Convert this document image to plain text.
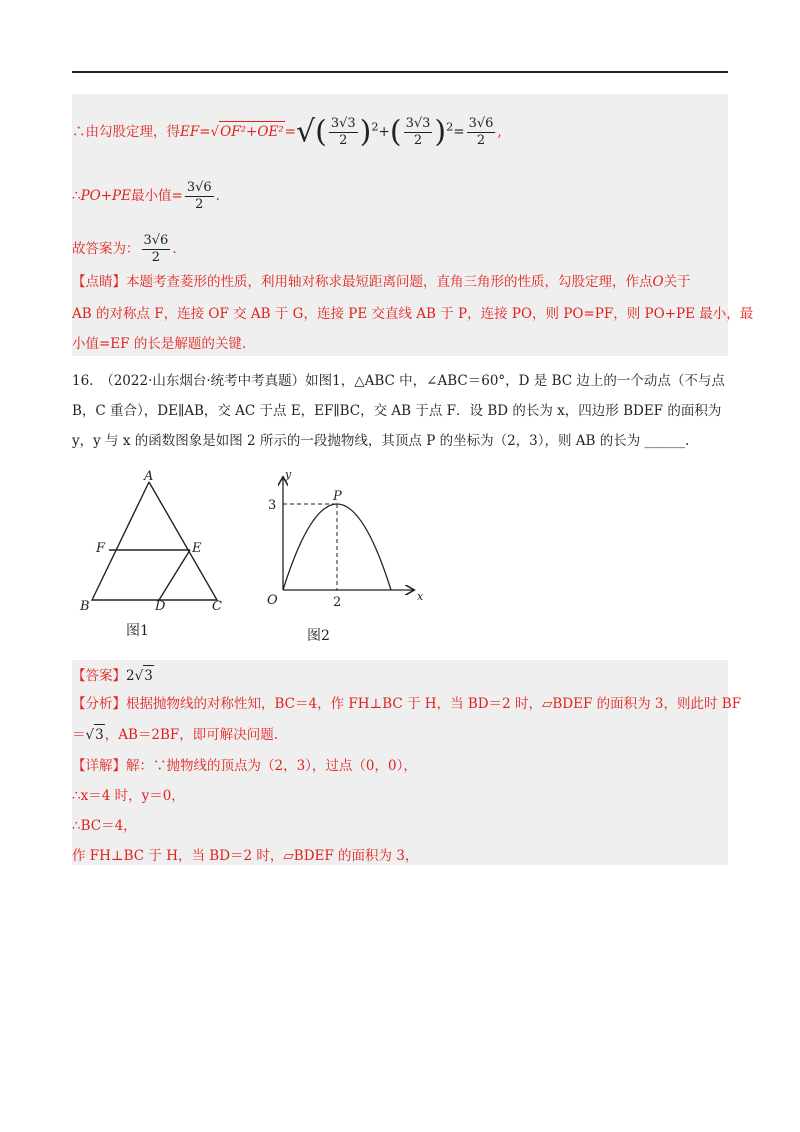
∴由勾股定理，得$EF=√OF^2+OE^2=√( \frac{3√3}{2} )^2+( \frac{3√3}{2} )^2= \frac{3√6}{2}$ ,
∴PO+PE最小值= $\frac{3√6}{2}$ .
故答案为： $\frac{3√6}{2}$ .
【点睛】本题考查菱形的性质，利用轴对称求最短距离问题，直角三角形的性质，勾股定理，作点O关于
AB 的对称点 F，连接 OF 交 AB 于 G，连接 PE 交直线 AB 于 P，连接 PO，则 PO=PF，则 PO+PE 最小，最
小值=EF 的长是解题的关键.
16.　（2022·山东烟台·统考中考真题）如图1，△ABC 中，∠ABC＝60°，D 是 BC 边上的一个动点（不与点
B，C 重合），DE∥AB，交 AC 于点 E，EF∥BC，交 AB 于点 F．设 BD 的长为 x，四边形 BDEF 的面积为
y，y 与 x 的函数图象是如图 2 所示的一段抛物线，其顶点 P 的坐标为（2，3），则 AB 的长为 ______.
A
B	C
D
E
F
图1
y
x
O
P
3
2
图2
【答案】2√3
【分析】根据抛物线的对称性知，BC＝4，作 FH⊥BC 于 H，当 BD＝2 时，▱BDEF 的面积为 3，则此时 BF
＝√3，AB＝2BF，即可解决问题.
【详解】解：∵抛物线的顶点为（2，3），过点（0，0），
∴x＝4 时，y＝0，
∴BC＝4，
作 FH⊥BC 于 H，当 BD＝2 时，▱BDEF 的面积为 3，
